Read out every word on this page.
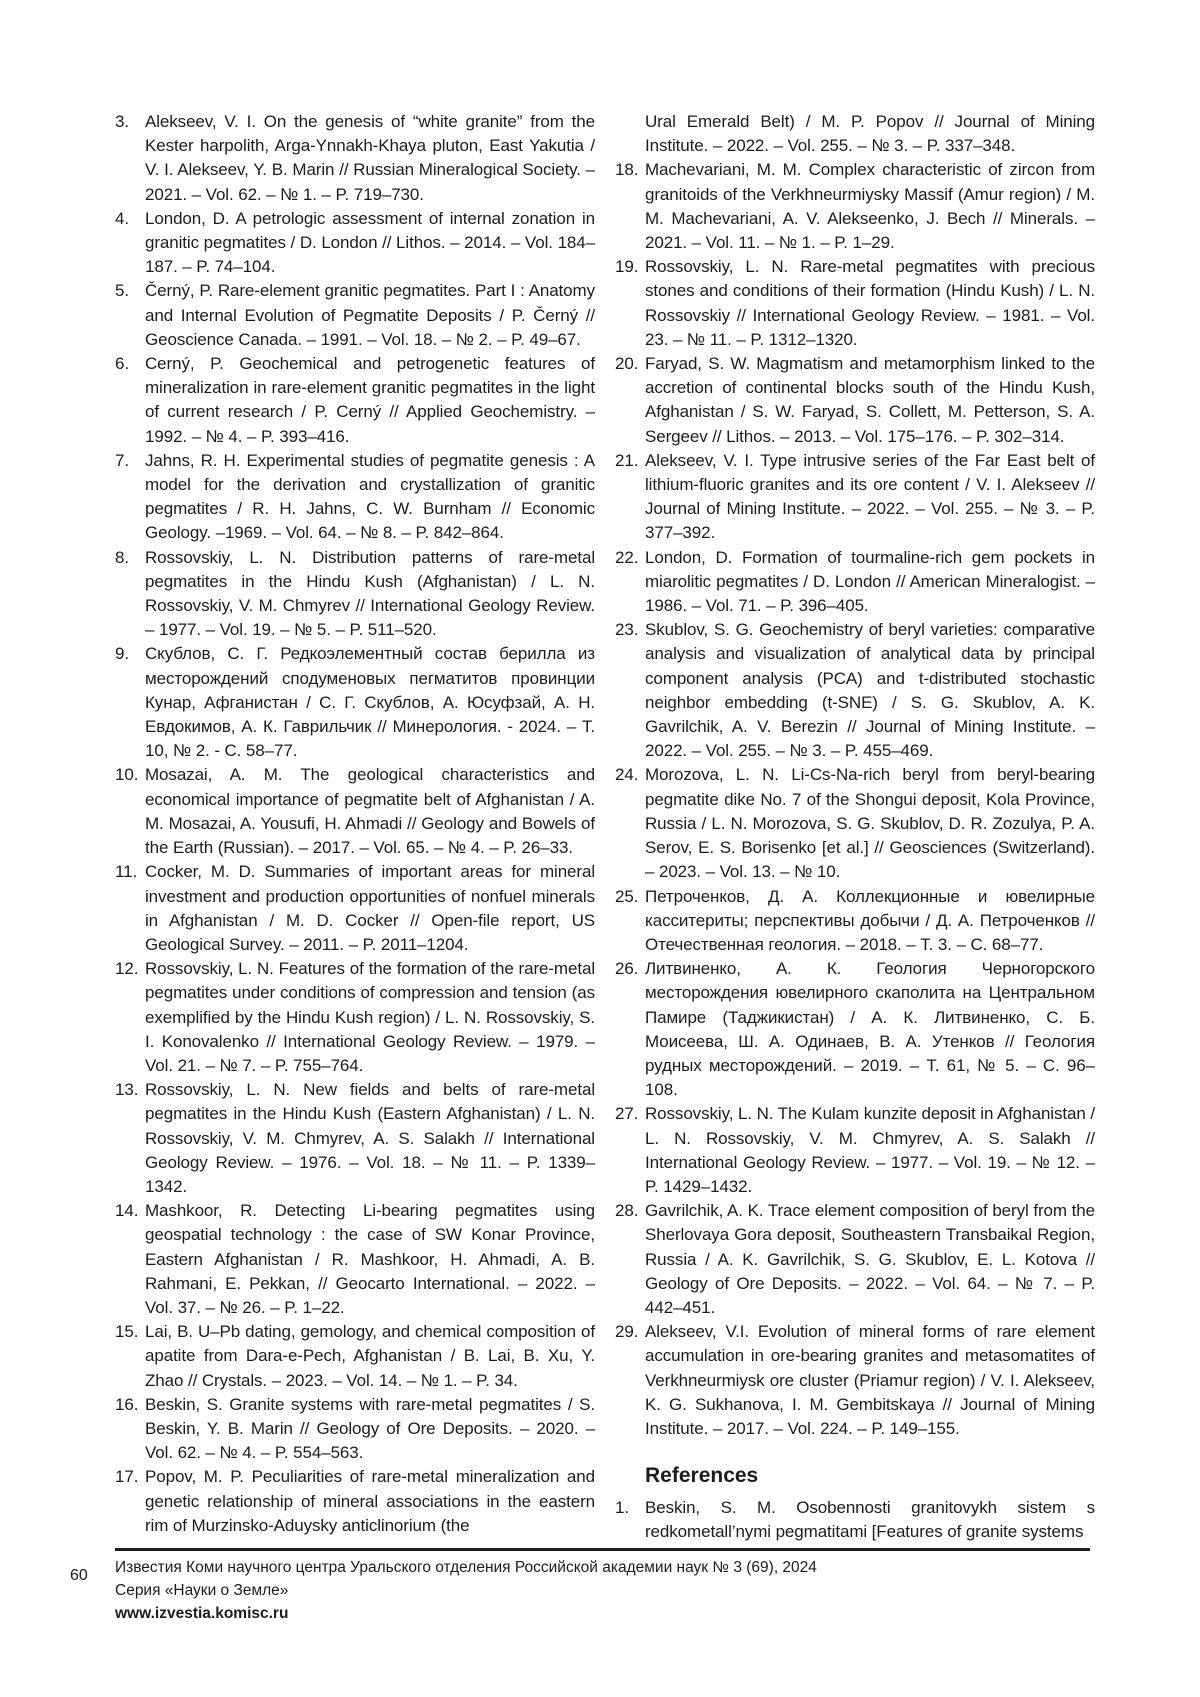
3. Alekseev, V. I. On the genesis of “white granite” from the Kester harpolith, Arga-Ynnakh-Khaya pluton, East Yakutia / V. I. Alekseev, Y. B. Marin // Russian Mineralogical Society. – 2021. – Vol. 62. – № 1. – P. 719–730.

4. London, D. A petrologic assessment of internal zonation in granitic pegmatites / D. London // Lithos. – 2014. – Vol. 184–187. – P. 74–104.

5. Černý, P. Rare-element granitic pegmatites. Part I : Anatomy and Internal Evolution of Pegmatite Deposits / P. Černý // Geoscience Canada. – 1991. – Vol. 18. – № 2. – P. 49–67.

6. Cerný, P. Geochemical and petrogenetic features of mineralization in rare-element granitic pegmatites in the light of current research / P. Cerný // Applied Geochemistry. – 1992. – № 4. – P. 393–416.

7. Jahns, R. H. Experimental studies of pegmatite genesis : A model for the derivation and crystallization of granitic pegmatites / R. H. Jahns, C. W. Burnham // Economic Geology. –1969. – Vol. 64. – № 8. – P. 842–864.

8. Rossovskiy, L. N. Distribution patterns of rare-metal pegmatites in the Hindu Kush (Afghanistan) / L. N. Rossovskiy, V. M. Chmyrev // International Geology Review. – 1977. – Vol. 19. – № 5. – P. 511–520.

9. Скублов, С. Г. Редкоэлементный состав берилла из месторождений сподуменовых пегматитов провинции Кунар, Афганистан / С. Г. Скублов, А. Юсуфзай, А. Н. Евдокимов, А. К. Гаврильчик // Минерология. - 2024. – Т. 10, № 2. - С. 58–77.

10. Mosazai, A. M. The geological characteristics and economical importance of pegmatite belt of Afghanistan / A. M. Mosazai, A. Yousufi, H. Ahmadi // Geology and Bowels of the Earth (Russian). – 2017. – Vol. 65. – № 4. – P. 26–33.

11. Cocker, M. D. Summaries of important areas for mineral investment and production opportunities of nonfuel minerals in Afghanistan / M. D. Cocker // Open-file report, US Geological Survey. – 2011. – P. 2011–1204.

12. Rossovskiy, L. N. Features of the formation of the rare-metal pegmatites under conditions of compression and tension (as exemplified by the Hindu Kush region) / L. N. Rossovskiy, S. I. Konovalenko // International Geology Review. – 1979. – Vol. 21. – № 7. – P. 755–764.

13. Rossovskiy, L. N. New fields and belts of rare-metal pegmatites in the Hindu Kush (Eastern Afghanistan) / L. N. Rossovskiy, V. M. Chmyrev, A. S. Salakh // International Geology Review. – 1976. – Vol. 18. – № 11. – P. 1339–1342.

14. Mashkoor, R. Detecting Li-bearing pegmatites using geospatial technology : the case of SW Konar Province, Eastern Afghanistan / R. Mashkoor, H. Ahmadi, A. B. Rahmani, E. Pekkan, // Geocarto International. – 2022. – Vol. 37. – № 26. – P. 1–22.

15. Lai, B. U–Pb dating, gemology, and chemical composition of apatite from Dara-e-Pech, Afghanistan / B. Lai, B. Xu, Y. Zhao // Crystals. – 2023. – Vol. 14. – № 1. – P. 34.

16. Beskin, S. Granite systems with rare-metal pegmatites / S. Beskin, Y. B. Marin // Geology of Ore Deposits. – 2020. – Vol. 62. – № 4. – P. 554–563.

17. Popov, M. P. Peculiarities of rare-metal mineralization and genetic relationship of mineral associations in the eastern rim of Murzinsko-Aduysky anticlinorium (the

Ural Emerald Belt) / M. P. Popov // Journal of Mining Institute. – 2022. – Vol. 255. – № 3. – P. 337–348.

18. Machevariani, M. M. Complex characteristic of zircon from granitoids of the Verkhneurmiysky Massif (Amur region) / M. M. Machevariani, A. V. Alekseenko, J. Bech // Minerals. – 2021. – Vol. 11. – № 1. – P. 1–29.

19. Rossovskiy, L. N. Rare-metal pegmatites with precious stones and conditions of their formation (Hindu Kush) / L. N. Rossovskiy // International Geology Review. – 1981. – Vol. 23. – № 11. – P. 1312–1320.

20. Faryad, S. W. Magmatism and metamorphism linked to the accretion of continental blocks south of the Hindu Kush, Afghanistan / S. W. Faryad, S. Collett, M. Petterson, S. A. Sergeev // Lithos. – 2013. – Vol. 175–176. – P. 302–314.

21. Alekseev, V. I. Type intrusive series of the Far East belt of lithium-fluoric granites and its ore content / V. I. Alekseev // Journal of Mining Institute. – 2022. – Vol. 255. – № 3. – P. 377–392.

22. London, D. Formation of tourmaline-rich gem pockets in miarolitic pegmatites / D. London // American Mineralogist. – 1986. – Vol. 71. – P. 396–405.

23. Skublov, S. G. Geochemistry of beryl varieties: comparative analysis and visualization of analytical data by principal component analysis (PCA) and t-distributed stochastic neighbor embedding (t-SNE) / S. G. Skublov, A. K. Gavrilchik, A. V. Berezin // Journal of Mining Institute. – 2022. – Vol. 255. – № 3. – P. 455–469.

24. Morozova, L. N. Li-Cs-Na-rich beryl from beryl-bearing pegmatite dike No. 7 of the Shongui deposit, Kola Province, Russia / L. N. Morozova, S. G. Skublov, D. R. Zozulya, P. A. Serov, E. S. Borisenko [et al.] // Geosciences (Switzerland). – 2023. – Vol. 13. – № 10.

25. Петроченков, Д. А. Коллекционные и ювелирные касситериты; перспективы добычи / Д. А. Петроченков // Отечественная геология. – 2018. – Т. 3. – С. 68–77.

26. Литвиненко, А. К. Геология Черногорского месторождения ювелирного скаполита на Центральном Памире (Таджикистан) / А. К. Литвиненко, С. Б. Моисеева, Ш. А. Одинаев, В. А. Утенков // Геология рудных месторождений. – 2019. – Т. 61, № 5. – С. 96–108.

27. Rossovskiy, L. N. The Kulam kunzite deposit in Afghanistan / L. N. Rossovskiy, V. M. Chmyrev, A. S. Salakh // International Geology Review. – 1977. – Vol. 19. – № 12. – P. 1429–1432.

28. Gavrilchik, A. K. Trace element composition of beryl from the Sherlovaya Gora deposit, Southeastern Transbaikal Region, Russia / A. K. Gavrilchik, S. G. Skublov, E. L. Kotova // Geology of Ore Deposits. – 2022. – Vol. 64. – № 7. – P. 442–451.

29. Alekseev, V.I. Evolution of mineral forms of rare element accumulation in ore-bearing granites and metasomatites of Verkhneurmiysk ore cluster (Priamur region) / V. I. Alekseev, K. G. Sukhanova, I. M. Gembitskaya // Journal of Mining Institute. – 2017. – Vol. 224. – P. 149–155.

References

1. Beskin, S. M. Osobennosti granitovykh sistem s redkometall’nymi pegmatitami [Features of granite systems

60 Известия Коми научного центра Уральского отделения Российской академии наук № 3 (69), 2024
Серия «Науки о Земле»
www.izvestia.komisc.ru
